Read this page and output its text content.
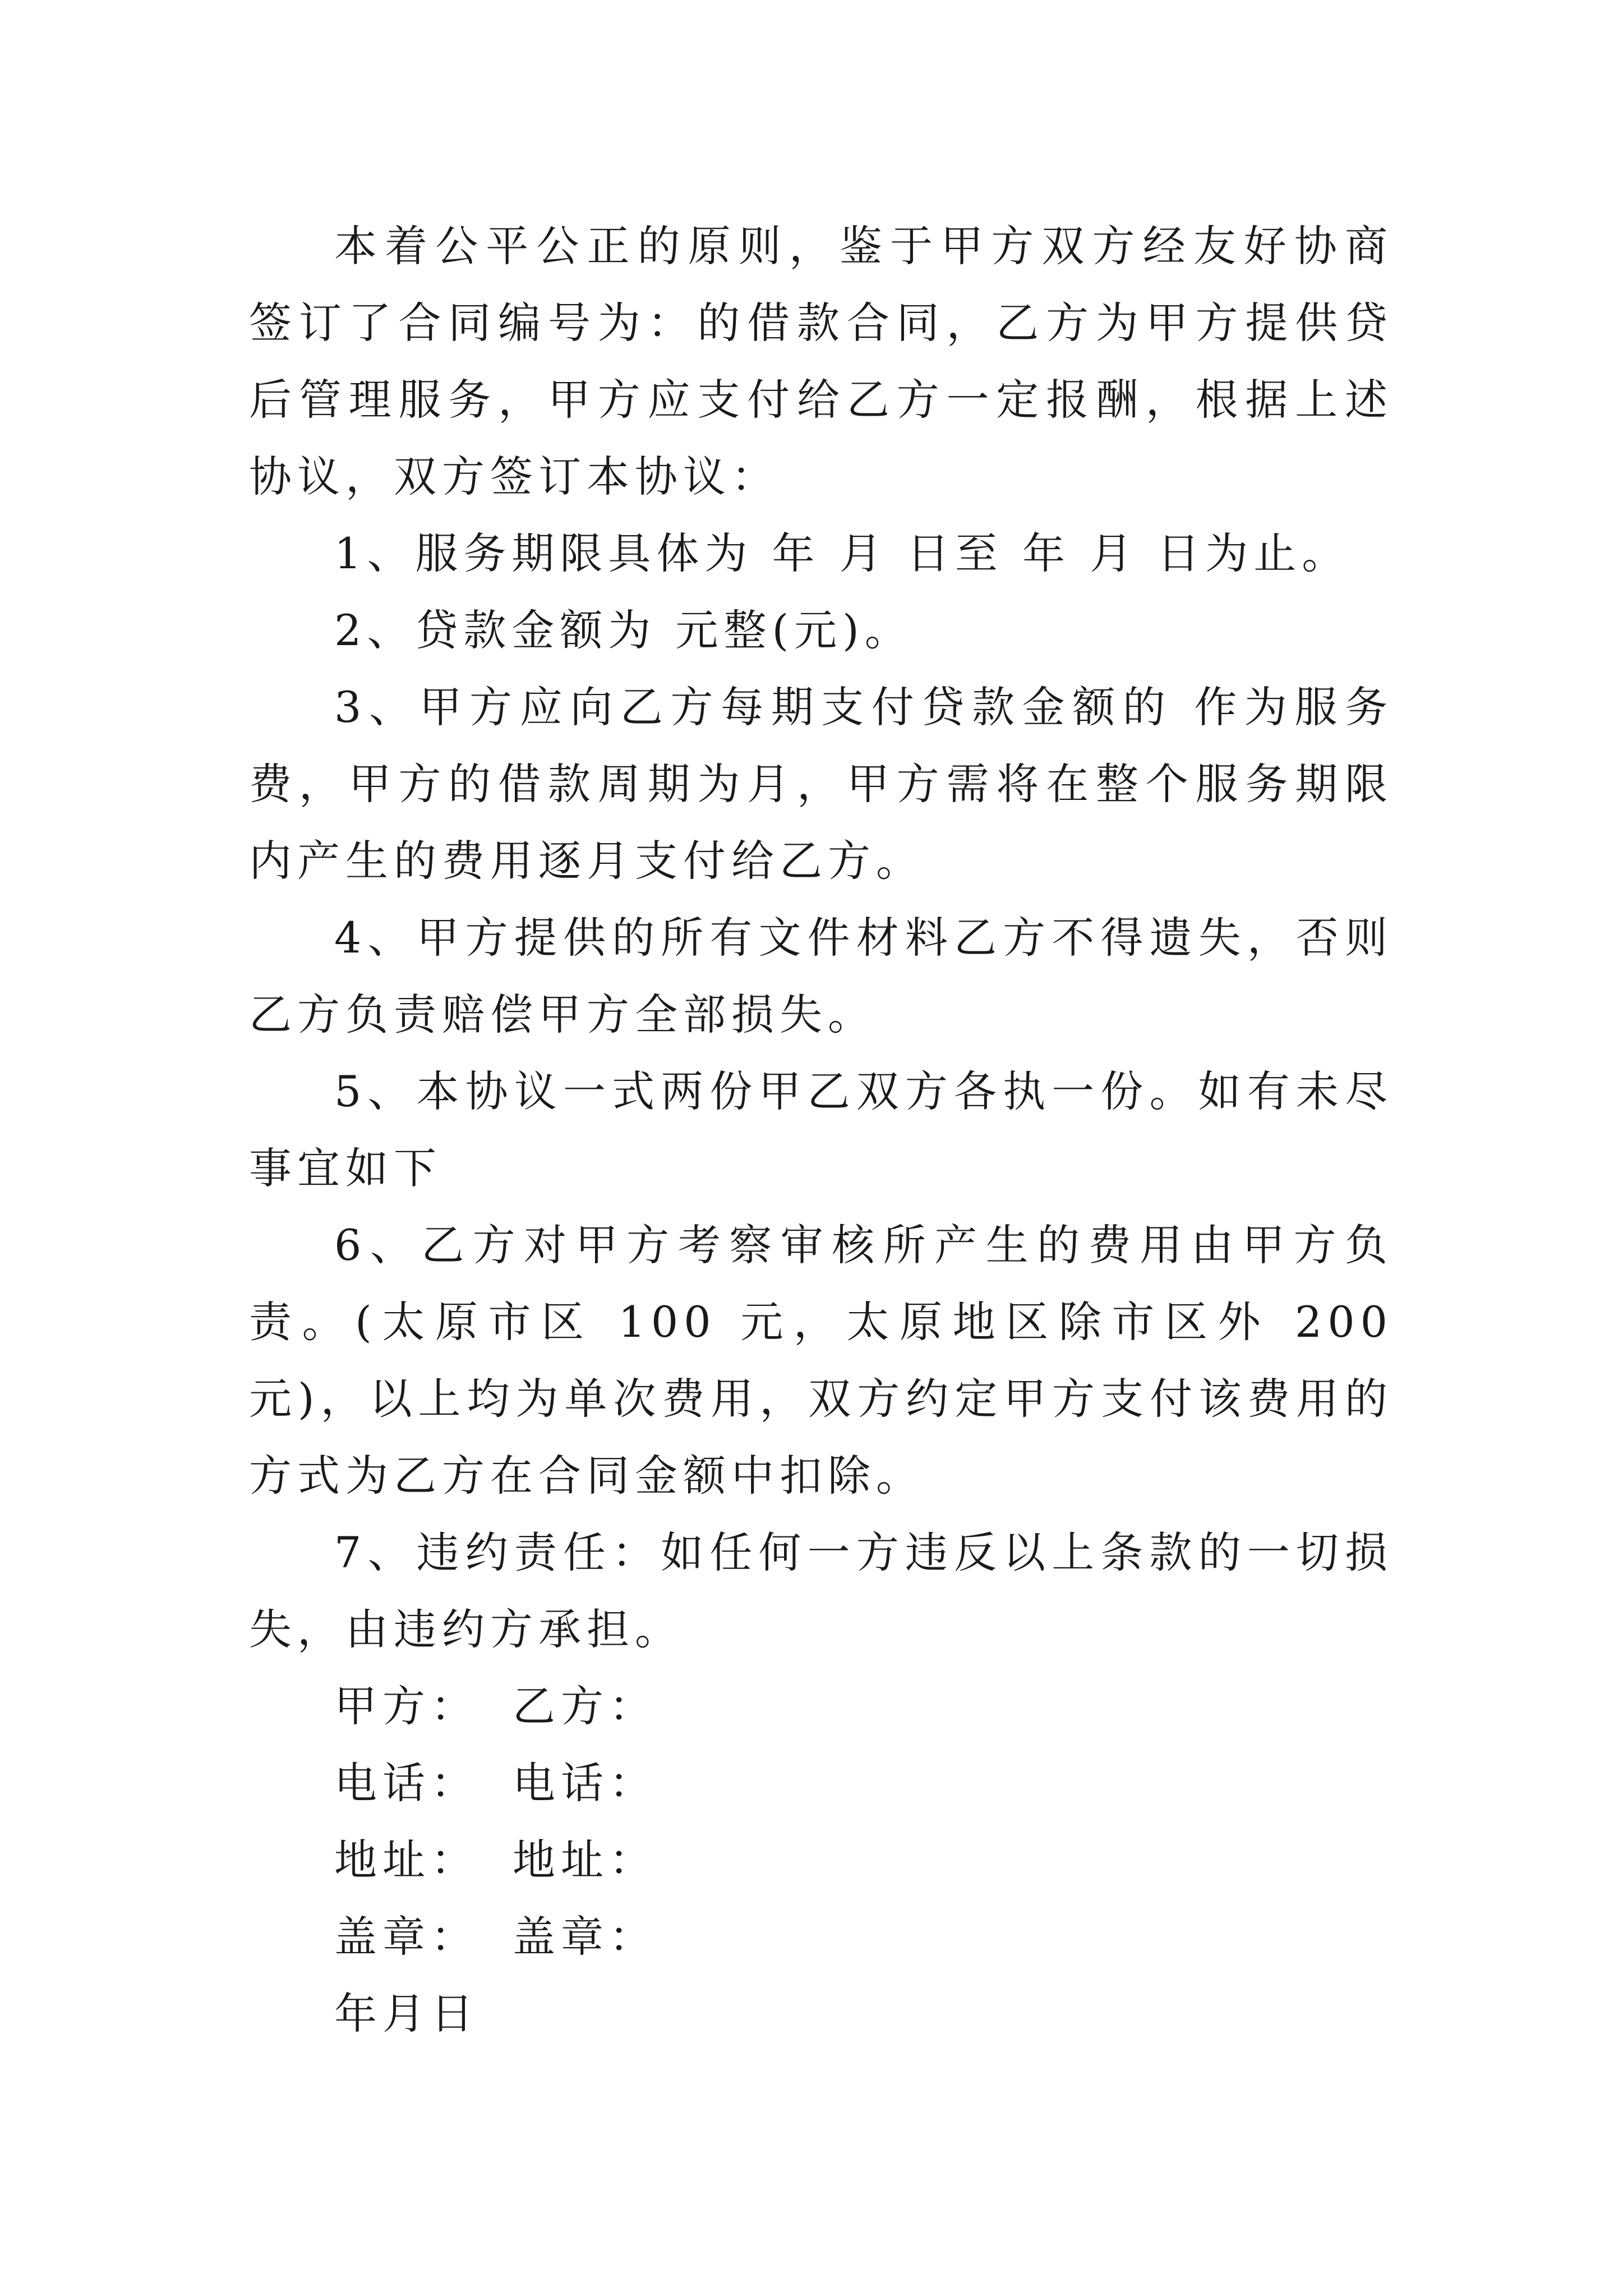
本着公平公正的原则，鉴于甲方双方经友好协商签订了合同编号为：的借款合同，乙方为甲方提供贷后管理服务，甲方应支付给乙方一定报酬，根据上述协议，双方签订本协议：

1、服务期限具体为 年 月 日至 年 月 日为止。

2、贷款金额为 元整(元)。

3、甲方应向乙方每期支付贷款金额的 作为服务费，甲方的借款周期为月，甲方需将在整个服务期限内产生的费用逐月支付给乙方。

4、甲方提供的所有文件材料乙方不得遗失，否则乙方负责赔偿甲方全部损失。

5、本协议一式两份甲乙双方各执一份。如有未尽事宜如下

6、乙方对甲方考察审核所产生的费用由甲方负责。(太原市区 100 元，太原地区除市区外 200 元)，以上均为单次费用，双方约定甲方支付该费用的方式为乙方在合同金额中扣除。

7、违约责任：如任何一方违反以上条款的一切损失，由违约方承担。

甲方： 乙方：
电话： 电话：
地址： 地址：
盖章： 盖章：
年月日
